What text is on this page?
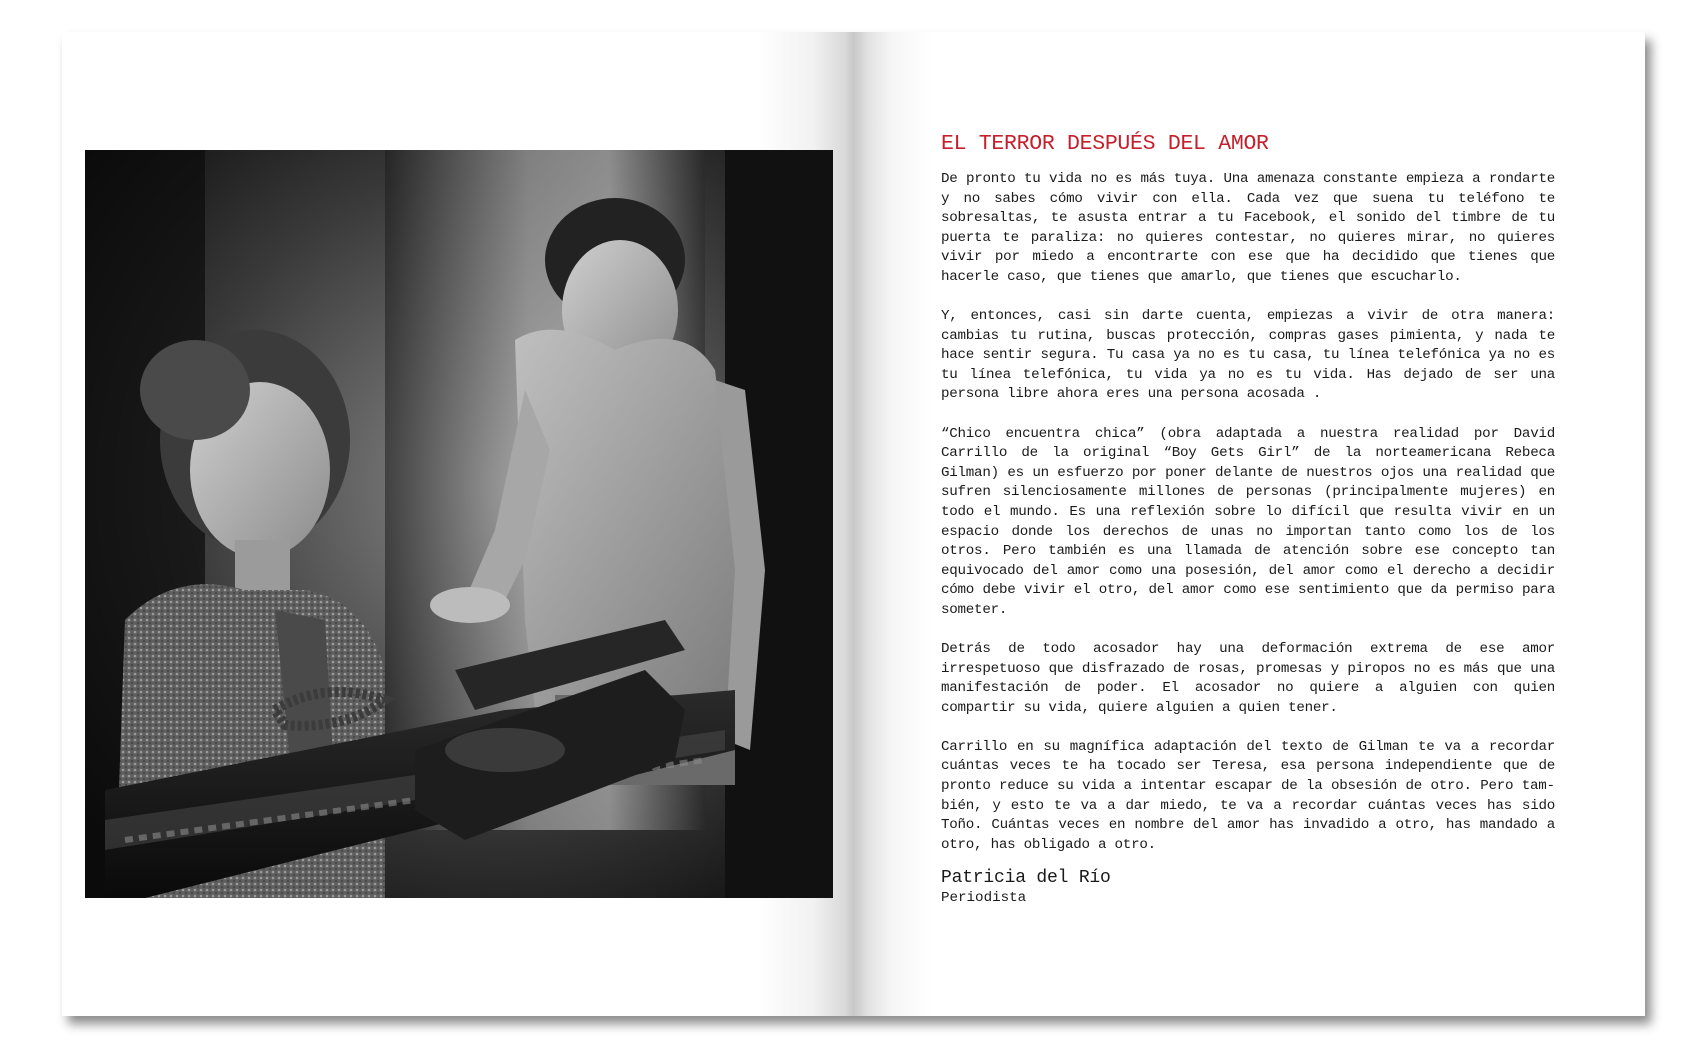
EL TERROR DESPUÉS DEL AMOR

De pronto tu vida no es más tuya. Una amenaza constante empieza a rondarte y no sabes cómo vivir con ella. Cada vez que suena tu teléfono te sobresaltas, te asusta entrar a tu Facebook, el sonido del timbre de tu puerta te paraliza: no quieres contestar, no quieres mirar, no quieres vivir por miedo a encontrarte con ese que ha decidido que tienes que hacerle caso, que tienes que amarlo, que tienes que escucharlo.

Y, entonces, casi sin darte cuenta, empiezas a vivir de otra manera: cambias tu rutina, buscas protección, compras gases pimienta, y nada te hace sentir segura. Tu casa ya no es tu casa, tu línea telefónica ya no es tu línea telefónica, tu vida ya no es tu vida. Has dejado de ser una persona libre ahora eres una persona acosada .

“Chico encuentra chica” (obra adaptada a nuestra realidad por David Carrillo de la original “Boy Gets Girl” de la norteamericana Rebeca Gilman) es un esfuerzo por poner delante de nuestros ojos una realidad que sufren silenciosamente millones de personas (principalmente mujeres) en todo el mundo. Es una reflexión sobre lo difícil que resulta vivir en un espacio donde los derechos de unas no importan tanto como los de los otros. Pero también es una llamada de atención sobre ese concepto tan equivocado del amor como una posesión, del amor como el derecho a decidir cómo debe vivir el otro, del amor como ese sentimiento que da permiso para someter.

Detrás de todo acosador hay una deformación extrema de ese amor irrespetuoso que disfrazado de rosas, promesas y piropos no es más que una manifestación de poder. El acosador no quiere a alguien con quien compartir su vida, quiere alguien a quien tener.

Carrillo en su magnífica adaptación del texto de Gilman te va a recordar cuántas veces te ha tocado ser Teresa, esa persona independiente que de pronto reduce su vida a intentar escapar de la obsesión de otro. Pero también, y esto te va a dar miedo, te va a recordar cuántas veces has sido Toño. Cuántas veces en nombre del amor has invadido a otro, has mandado a otro, has obligado a otro.

Patricia del Río

Periodista
